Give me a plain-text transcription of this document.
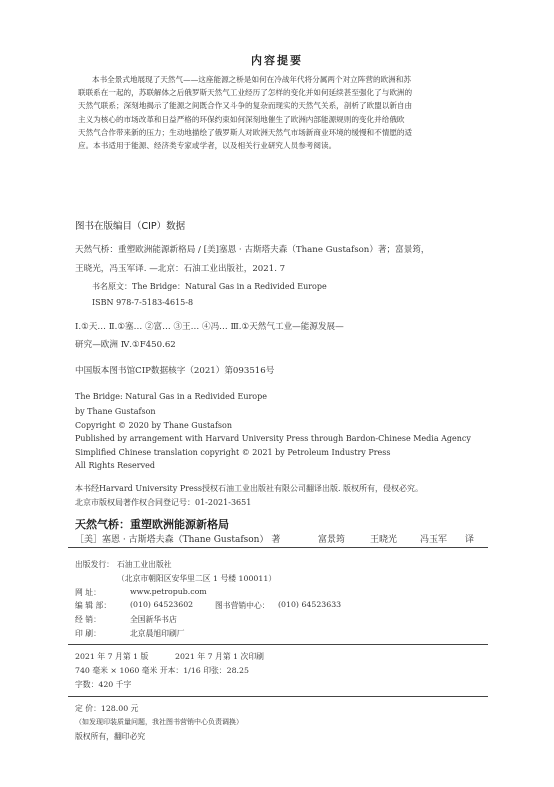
内容提要
本书全景式地展现了天然气——这座能源之桥是如何在冷战年代将分属两个对立阵营的欧洲和苏
联联系在一起的，苏联解体之后俄罗斯天然气工业经历了怎样的变化并如何延续甚至强化了与欧洲的
天然气联系；深刻地揭示了能源之间既合作又斗争的复杂而现实的天然气关系，剖析了欧盟以新自由
主义为核心的市场改革和日益严格的环保约束如何深刻地催生了欧洲内部能源规则的变化并给俄欧
天然气合作带来新的压力；生动地描绘了俄罗斯人对欧洲天然气市场新商业环境的缓慢和不情愿的适
应。本书适用于能源、经济类专家或学者，以及相关行业研究人员参考阅读。
图书在版编目（CIP）数据
天然气桥：重塑欧洲能源新格局 / [美]塞恩 · 古斯塔夫森（Thane Gustafson）著；富景筠，
王晓光，冯玉军译. —北京：石油工业出版社，2021. 7
书名原文：The Bridge：Natural Gas in a Redivided Europe
ISBN 978-7-5183-4615-8
Ⅰ.①天… Ⅱ.①塞… ②富… ③王… ④冯… Ⅲ.①天然气工业—能源发展—
研究—欧洲 Ⅳ.①F450.62
中国版本图书馆CIP数据核字（2021）第093516号
The Bridge: Natural Gas in a Redivided Europe
by Thane Gustafson
Copyright © 2020 by Thane Gustafson
Published by arrangement with Harvard University Press through Bardon-Chinese Media Agency
Simplified Chinese translation copyright © 2021 by Petroleum Industry Press
All Rights Reserved
本书经Harvard University Press授权石油工业出版社有限公司翻译出版. 版权所有，侵权必究。
北京市版权局著作权合同登记号：01-2021-3651
天然气桥：重塑欧洲能源新格局
［美］塞恩 · 古斯塔夫森（Thane Gustafson） 著	富景筠	王晓光	冯玉军 译
出版发行： 石油工业出版社
（北京市朝阳区安华里二区 1 号楼 100011）
网 址：	www.petropub.com
编 辑 部： (010) 64523602	图书营销中心： (010) 64523633
经 销：	全国新华书店
印 刷：	北京晨旭印刷厂
2021 年 7 月第 1 版	2021 年 7 月第 1 次印刷
740 毫米 × 1060 毫米 开本：1/16 印张：28.25
字数：420 千字
定 价：128.00 元
（如发现印装质量问题，我社图书营销中心负责调换）
版权所有，翻印必究
